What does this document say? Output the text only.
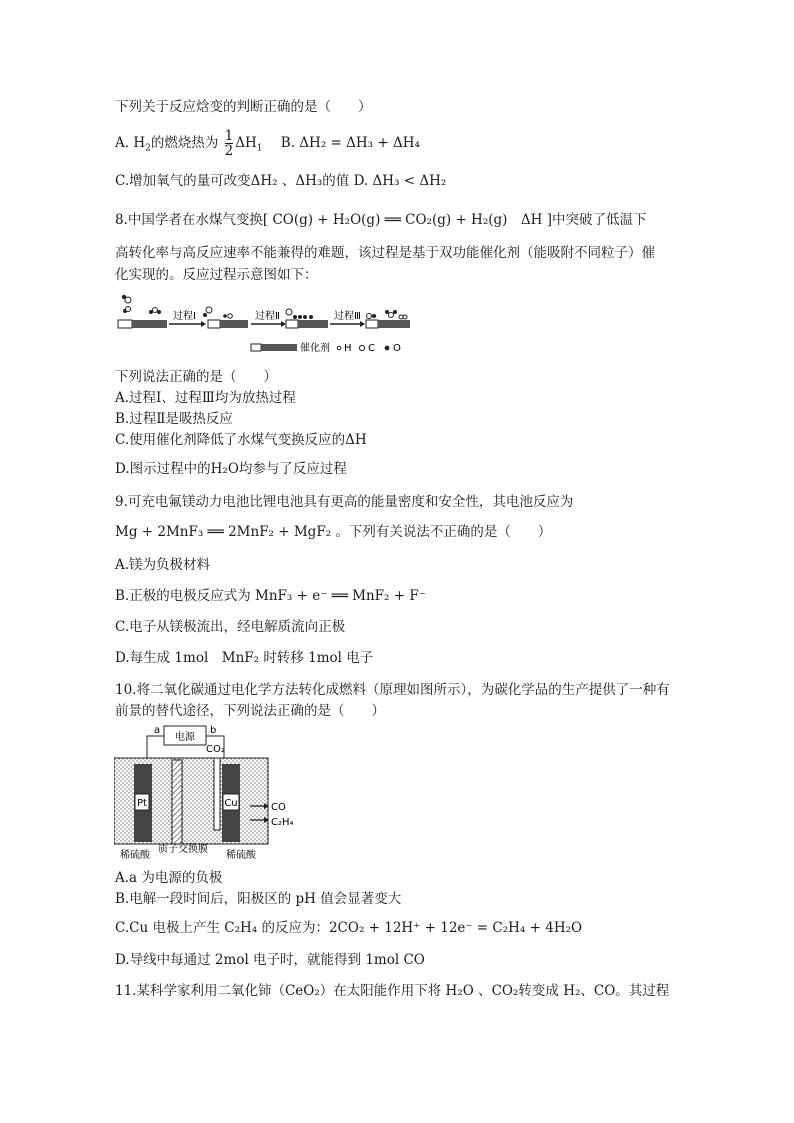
下列关于反应焓变的判断正确的是（　　）
A. $H_2$的燃烧热为 $\frac{1}{2} \Delta H_1$ B. ΔH₂ = ΔH₃ + ΔH₄
C.增加氧气的量可改变ΔH₂ 、ΔH₃的值 D. ΔH₃ < ΔH₂
8.中国学者在水煤气变换[ CO(g) + H₂O(g) ══ CO₂(g) + H₂(g)　ΔH ]中突破了低温下
高转化率与高反应速率不能兼得的难题，该过程是基于双功能催化剂（能吸附不同粒子）催
化实现的。反应过程示意图如下：
过程Ⅰ	过程Ⅱ	过程Ⅲ
催化剂 H C O
下列说法正确的是（　　）
A.过程Ⅰ、过程Ⅲ均为放热过程
B.过程Ⅱ是吸热反应
C.使用催化剂降低了水煤气变换反应的ΔH
D.图示过程中的H₂O均参与了反应过程
9.可充电氟镁动力电池比锂电池具有更高的能量密度和安全性，其电池反应为
Mg + 2MnF₃ ══ 2MnF₂ + MgF₂ 。下列有关说法不正确的是（　　）
A.镁为负极材料
B.正极的电极反应式为 MnF₃ + e⁻ ══ MnF₂ + F⁻
C.电子从镁极流出，经电解质流向正极
D.每生成 1mol　MnF₂ 时转移 1mol 电子
10.将二氧化碳通过电化学方法转化成燃料（原理如图所示），为碳化学品的生产提供了一种有
前景的替代途径，下列说法正确的是（　　）
电源
a	b
Pt
CO₂
Cu	CO
C₂H₄
稀硫酸
质子交换膜
稀硫酸
A.a 为电源的负极
B.电解一段时间后，阳极区的 pH 值会显著变大
C.Cu 电极上产生 C₂H₄ 的反应为：2CO₂ + 12H⁺ + 12e⁻ = C₂H₄ + 4H₂O
D.导线中每通过 2mol 电子时，就能得到 1mol CO
11.某科学家利用二氧化铈（CeO₂）在太阳能作用下将 H₂O 、CO₂转变成 H₂、CO。其过程
